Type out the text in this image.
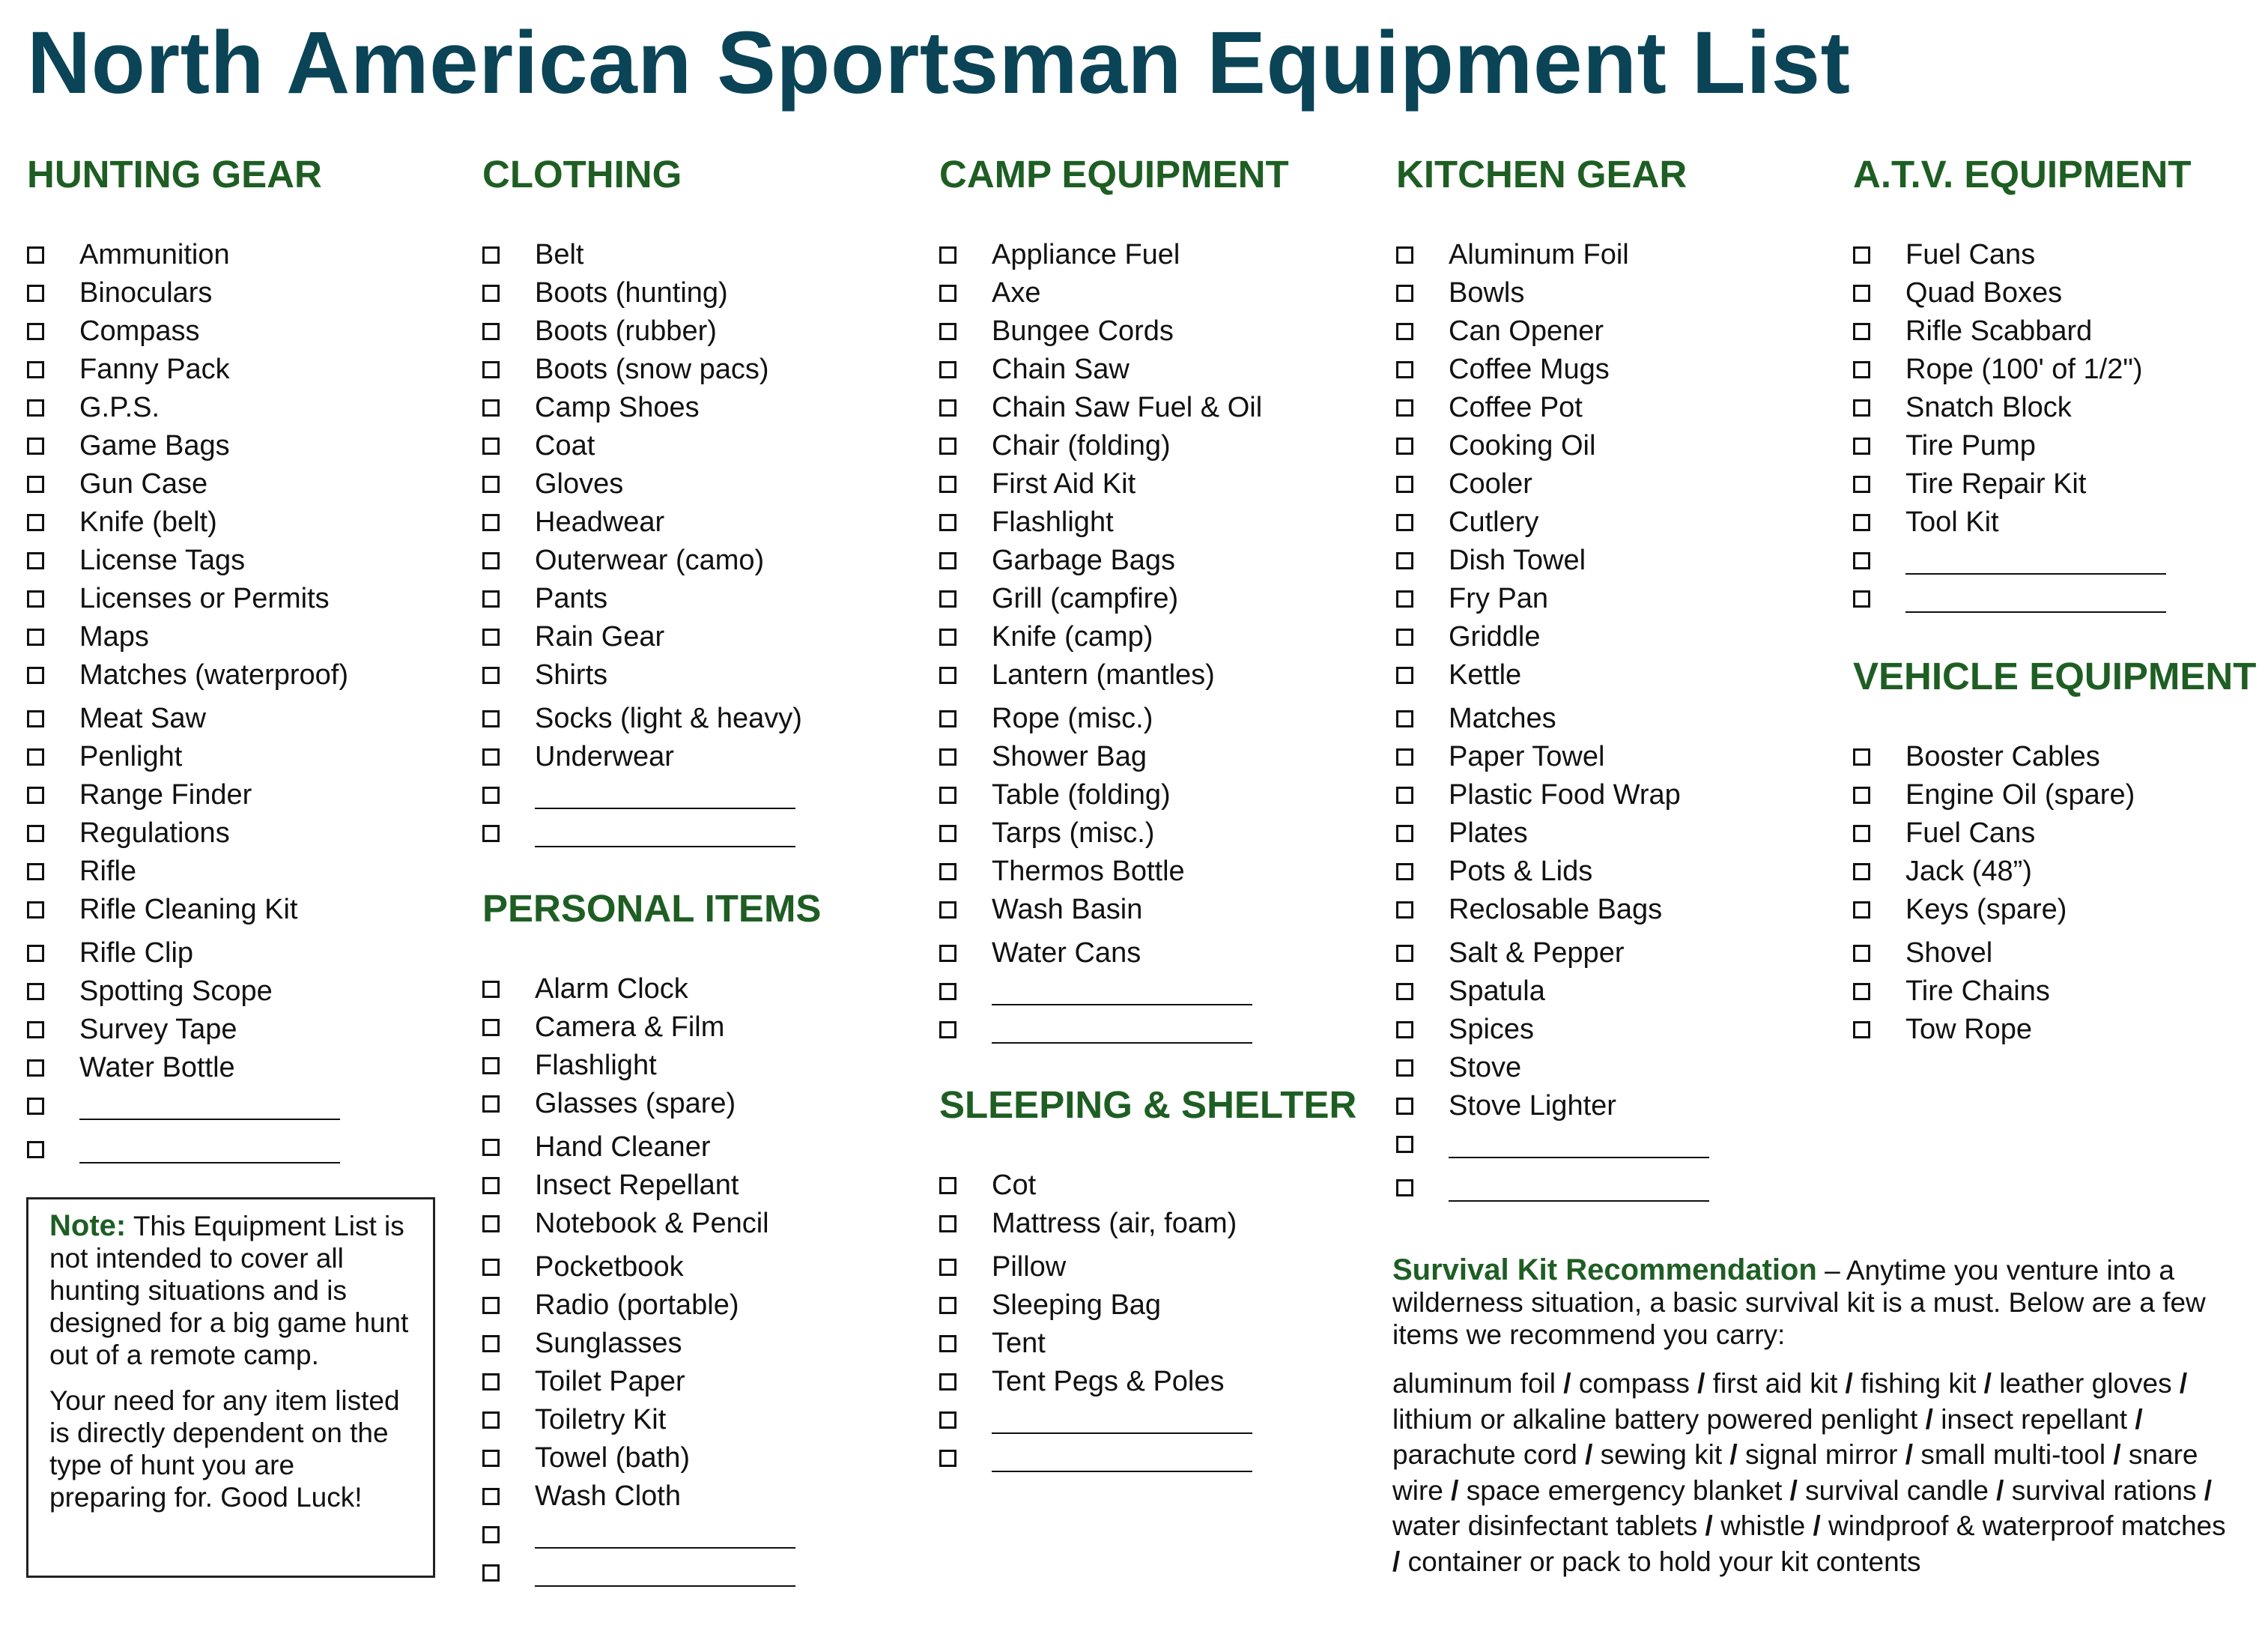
North American Sportsman Equipment List
HUNTING GEAR
Ammunition
Binoculars
Compass
Fanny Pack
G.P.S.
Game Bags
Gun Case
Knife (belt)
License Tags
Licenses or Permits
Maps
Matches (waterproof)
Meat Saw
Penlight
Range Finder
Regulations
Rifle
Rifle Cleaning Kit
Rifle Clip
Spotting Scope
Survey Tape
Water Bottle

Note: This Equipment List is not intended to cover all hunting situations and is designed for a big game hunt out of a remote camp.

Your need for any item listed is directly dependent on the type of hunt you are preparing for. Good Luck!

CLOTHING
Belt
Boots (hunting)
Boots (rubber)
Boots (snow pacs)
Camp Shoes
Coat
Gloves
Headwear
Outerwear (camo)
Pants
Rain Gear
Shirts
Socks (light & heavy)
Underwear
PERSONAL ITEMS
Alarm Clock
Camera & Film
Flashlight
Glasses (spare)
Hand Cleaner
Insect Repellant
Notebook & Pencil
Pocketbook
Radio (portable)
Sunglasses
Toilet Paper
Toiletry Kit
Towel (bath)
Wash Cloth
CAMP EQUIPMENT
Appliance Fuel
Axe
Bungee Cords
Chain Saw
Chain Saw Fuel & Oil
Chair (folding)
First Aid Kit
Flashlight
Garbage Bags
Grill (campfire)
Knife (camp)
Lantern (mantles)
Rope (misc.)
Shower Bag
Table (folding)
Tarps (misc.)
Thermos Bottle
Wash Basin
Water Cans
SLEEPING & SHELTER
Cot
Mattress (air, foam)
Pillow
Sleeping Bag
Tent
Tent Pegs & Poles
KITCHEN GEAR
Aluminum Foil
Bowls
Can Opener
Coffee Mugs
Coffee Pot
Cooking Oil
Cooler
Cutlery
Dish Towel
Fry Pan
Griddle
Kettle
Matches
Paper Towel
Plastic Food Wrap
Plates
Pots & Lids
Reclosable Bags
Salt & Pepper
Spatula
Spices
Stove
Stove Lighter

Survival Kit Recommendation – Anytime you venture into a wilderness situation, a basic survival kit is a must. Below are a few items we recommend you carry:

aluminum foil / compass / first aid kit / fishing kit / leather gloves / lithium or alkaline battery powered penlight / insect repellant / parachute cord / sewing kit / signal mirror / small multi-tool / snare wire / space emergency blanket / survival candle / survival rations / water disinfectant tablets / whistle / windproof & waterproof matches / container or pack to hold your kit contents

A.T.V. EQUIPMENT
Fuel Cans
Quad Boxes
Rifle Scabbard
Rope (100' of 1/2")
Snatch Block
Tire Pump
Tire Repair Kit
Tool Kit
VEHICLE EQUIPMENT
Booster Cables
Engine Oil (spare)
Fuel Cans
Jack (48”)
Keys (spare)
Shovel
Tire Chains
Tow Rope
